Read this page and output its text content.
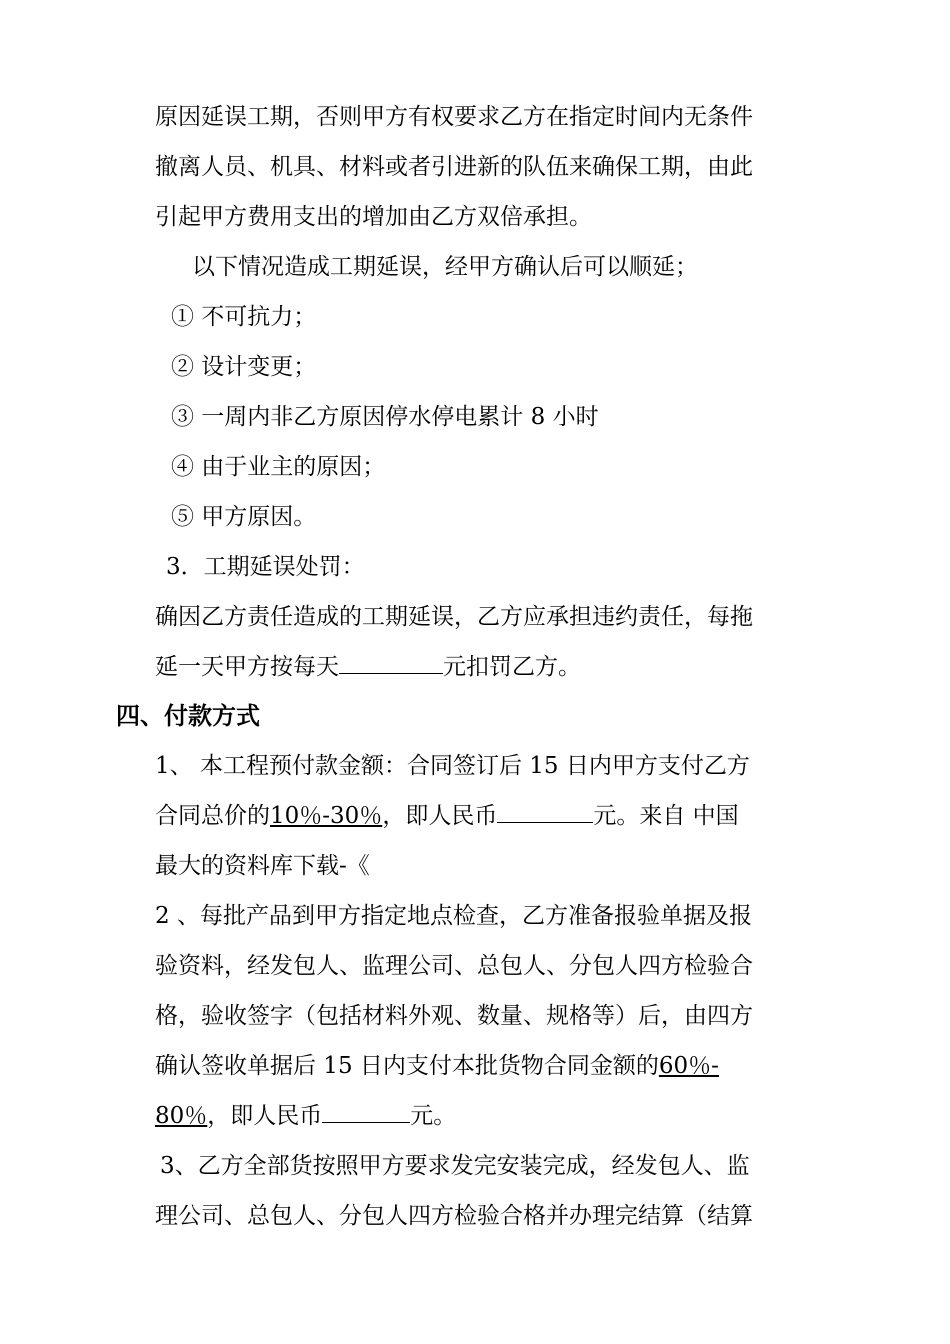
原因延误工期，否则甲方有权要求乙方在指定时间内无条件
撤离人员、机具、材料或者引进新的队伍来确保工期，由此
引起甲方费用支出的增加由乙方双倍承担。
以下情况造成工期延误，经甲方确认后可以顺延；
① 不可抗力；
② 设计变更；
③ 一周内非乙方原因停水停电累计 8 小时
④ 由于业主的原因；
⑤ 甲方原因。
3．工期延误处罚：
确因乙方责任造成的工期延误，乙方应承担违约责任，每拖
延一天甲方按每天	元扣罚乙方。
四、付款方式
1、 本工程预付款金额：合同签订后 15 日内甲方支付乙方
合同总价的10％-30％，即人民币	元。来自 中国
最大的资料库下载-《
2 、每批产品到甲方指定地点检查，乙方准备报验单据及报
验资料，经发包人、监理公司、总包人、分包人四方检验合
格，验收签字（包括材料外观、数量、规格等）后，由四方
确认签收单据后 15 日内支付本批货物合同金额的60％-
80％，即人民币	元。
3、乙方全部货按照甲方要求发完安装完成，经发包人、监
理公司、总包人、分包人四方检验合格并办理完结算（结算
